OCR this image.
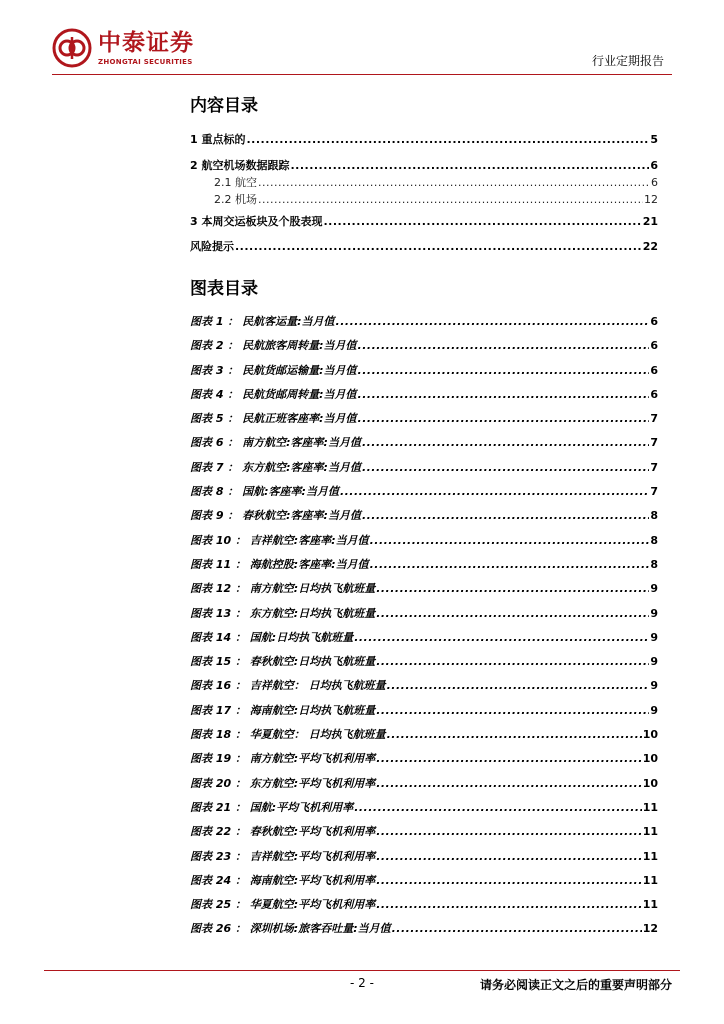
中泰证券
ZHONGTAI SECURITIES	行业定期报告
内容目录
1 重点标的 .....	5
2 航空机场数据跟踪 .....	6
2.1 航空 .....	6
2.2 机场 .....	12
3 本周交运板块及个股表现 .....	21
风险提示 .....	22
图表目录
图表 1 ： 民航客运量:当月值 .....	6
图表 2 ： 民航旅客周转量:当月值 .....	6
图表 3 ： 民航货邮运输量:当月值 .....	6
图表 4 ： 民航货邮周转量:当月值 .....	6
图表 5 ： 民航正班客座率:当月值 .....	7
图表 6 ： 南方航空:客座率:当月值 .....	7
图表 7 ： 东方航空:客座率:当月值 .....	7
图表 8 ： 国航:客座率:当月值 .....	7
图表 9 ： 春秋航空:客座率:当月值 .....	8
图表 10 ： 吉祥航空:客座率:当月值 .....	8
图表 11 ： 海航控股:客座率:当月值 .....	8
图表 12 ： 南方航空:日均执飞航班量 .....	9
图表 13 ： 东方航空:日均执飞航班量 .....	9
图表 14 ： 国航:日均执飞航班量 .....	9
图表 15 ： 春秋航空:日均执飞航班量 .....	9
图表 16 ： 吉祥航空： 日均执飞航班量 .....	9
图表 17 ： 海南航空:日均执飞航班量 .....	9
图表 18 ： 华夏航空： 日均执飞航班量 .....	10
图表 19 ： 南方航空:平均飞机利用率 .....	10
图表 20 ： 东方航空:平均飞机利用率 .....	10
图表 21 ： 国航:平均飞机利用率 .....	11
图表 22 ： 春秋航空:平均飞机利用率 .....	11
图表 23 ： 吉祥航空:平均飞机利用率 .....	11
图表 24 ： 海南航空:平均飞机利用率 .....	11
图表 25 ： 华夏航空:平均飞机利用率 .....	11
图表 26 ： 深圳机场:旅客吞吐量:当月值 .....	12
- 2 -	请务必阅读正文之后的重要声明部分
